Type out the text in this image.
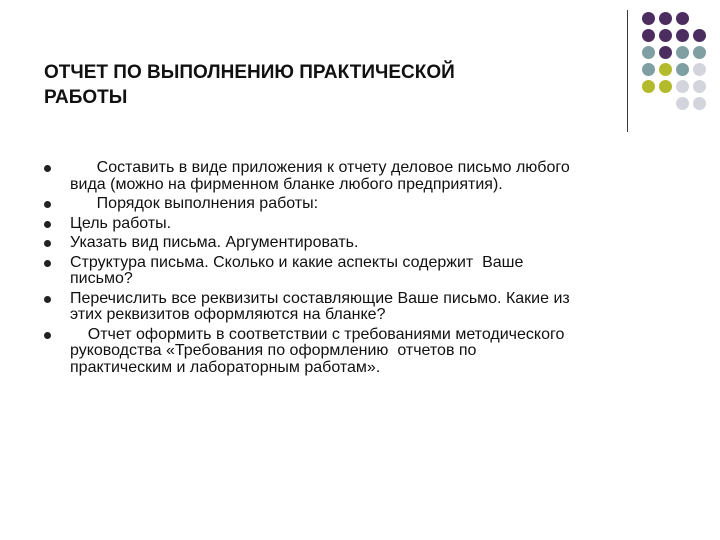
ОТЧЕТ ПО ВЫПОЛНЕНИЮ ПРАКТИЧЕСКОЙ
РАБОТЫ
Составить в виде приложения к отчету деловое письмо любого
вида (можно на фирменном бланке любого предприятия).
Порядок выполнения работы:
Цель работы.
Указать вид письма. Аргументировать.
Структура письма. Сколько и какие аспекты содержит  Ваше
письмо?
Перечислить все реквизиты составляющие Ваше письмо. Какие из
этих реквизитов оформляются на бланке?
Отчет оформить в соответствии с требованиями методического
руководства «Требования по оформлению  отчетов по
практическим и лабораторным работам».
